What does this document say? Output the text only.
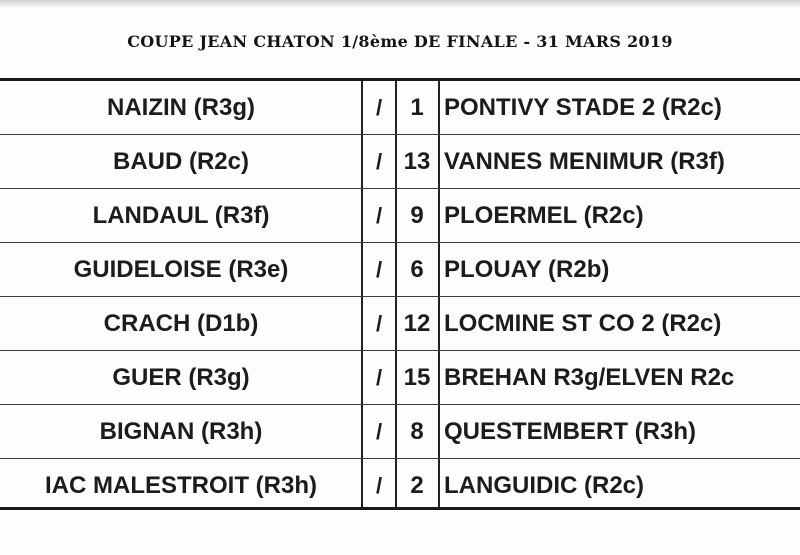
COUPE JEAN CHATON 1/8ème DE FINALE - 31 MARS 2019
NAIZIN (R3g)	/	1 PONTIVY STADE 2 (R2c)
BAUD (R2c)	/ 13 VANNES MENIMUR (R3f)
LANDAUL (R3f)	/	9 PLOERMEL (R2c)
GUIDELOISE (R3e)	/	6 PLOUAY (R2b)
CRACH (D1b)	/ 12 LOCMINE ST CO 2 (R2c)
GUER (R3g)	/ 15 BREHAN R3g/ELVEN R2c
BIGNAN (R3h)	/	8 QUESTEMBERT (R3h)
IAC MALESTROIT (R3h)	/	2 LANGUIDIC (R2c)
